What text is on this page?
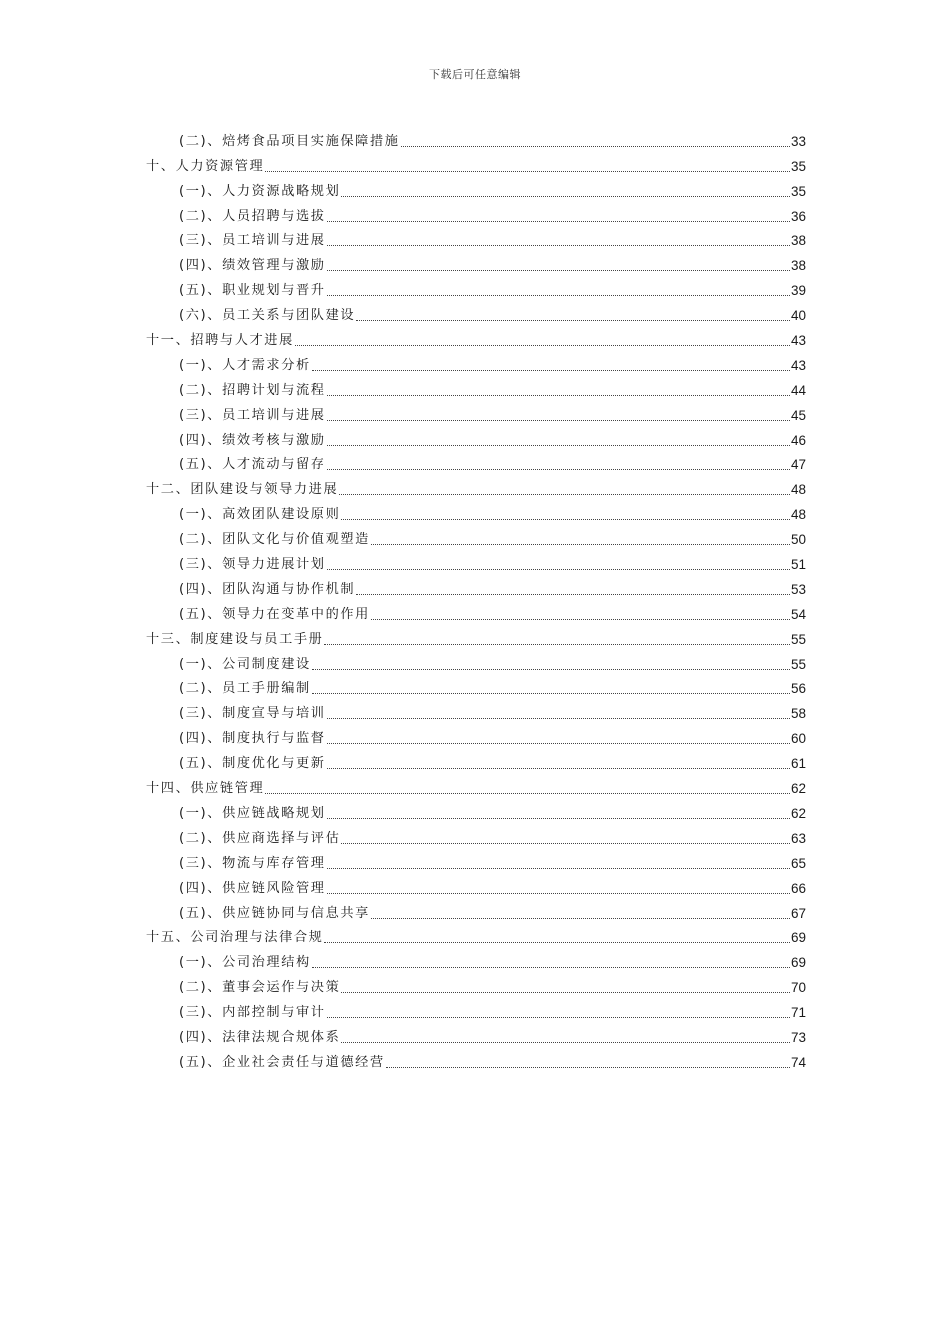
下载后可任意编辑
(二)、焙烤食品项目实施保障措施	33
十、人力资源管理	35
(一)、人力资源战略规划	35
(二)、人员招聘与选拔	36
(三)、员工培训与进展	38
(四)、绩效管理与激励	38
(五)、职业规划与晋升	39
(六)、员工关系与团队建设	40
十一、招聘与人才进展	43
(一)、人才需求分析	43
(二)、招聘计划与流程	44
(三)、员工培训与进展	45
(四)、绩效考核与激励	46
(五)、人才流动与留存	47
十二、团队建设与领导力进展	48
(一)、高效团队建设原则	48
(二)、团队文化与价值观塑造	50
(三)、领导力进展计划	51
(四)、团队沟通与协作机制	53
(五)、领导力在变革中的作用	54
十三、制度建设与员工手册	55
(一)、公司制度建设	55
(二)、员工手册编制	56
(三)、制度宣导与培训	58
(四)、制度执行与监督	60
(五)、制度优化与更新	61
十四、供应链管理	62
(一)、供应链战略规划	62
(二)、供应商选择与评估	63
(三)、物流与库存管理	65
(四)、供应链风险管理	66
(五)、供应链协同与信息共享	67
十五、公司治理与法律合规	69
(一)、公司治理结构	69
(二)、董事会运作与决策	70
(三)、内部控制与审计	71
(四)、法律法规合规体系	73
(五)、企业社会责任与道德经营	74
